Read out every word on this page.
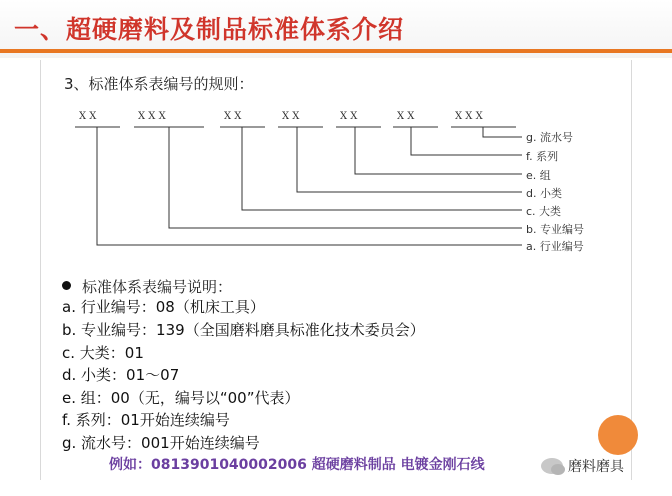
一、超硬磨料及制品标准体系介绍
3、标准体系表编号的规则：
X X	X X X	X X	X X	X X	X X	X X X
g. 流水号
f. 系列
e. 组
d. 小类
c. 大类
b. 专业编号
a. 行业编号
标准体系表编号说明：
a. 行业编号：08（机床工具）
b. 专业编号：139（全国磨料磨具标准化技术委员会）
c. 大类：01
d. 小类：01～07
e. 组：00（无，编号以“00”代表）
f. 系列：01开始连续编号
g. 流水号：001开始连续编号
例如：0813901040002006 超硬磨料制品 电镀金刚石线	磨料磨具
